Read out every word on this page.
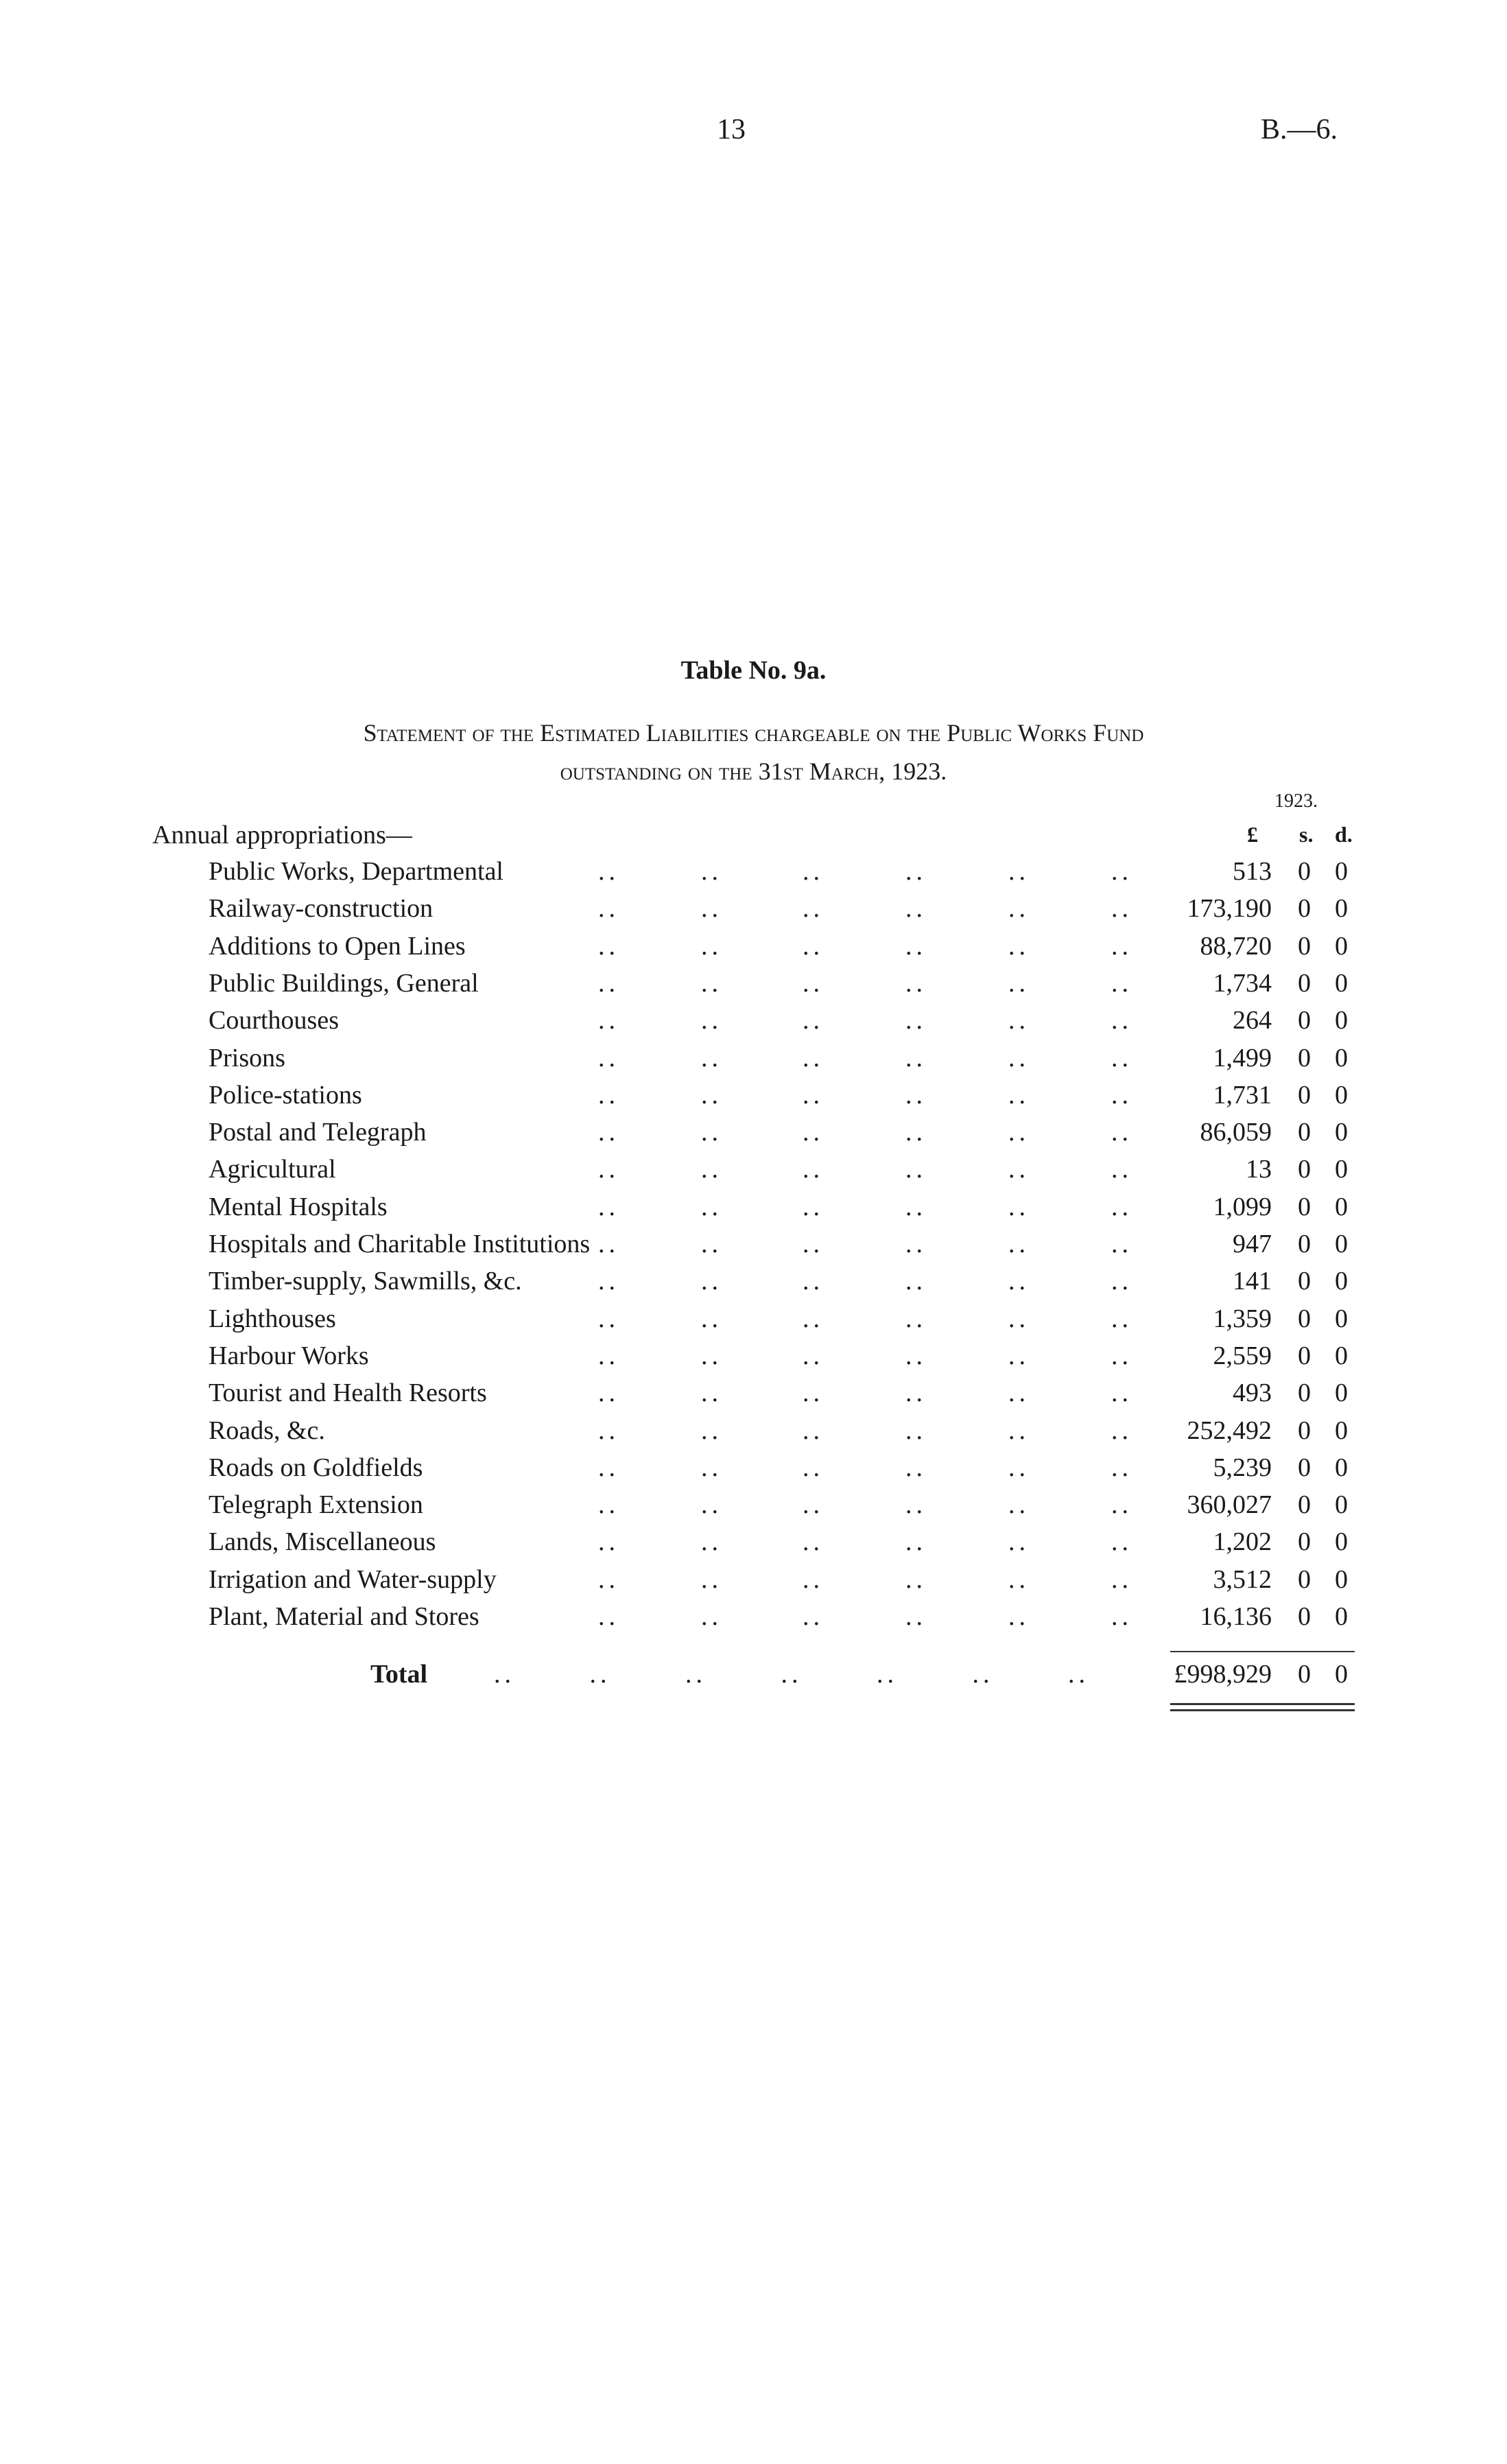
13	B.—6.
Table No. 9a.
Statement of the Estimated Liabilities chargeable on the Public Works Fund
outstanding on the 31st March, 1923.
1923.
Annual appropriations—	£ s. d.
Public Works, Departmental	..	..	..	..	..	..	513 0 0
Railway-construction	..	..	..	..	..	.. 173,190 0 0
Additions to Open Lines	..	..	..	..	..	..	88,720 0 0
Public Buildings, General	..	..	..	..	..	..	1,734 0 0
Courthouses	..	..	..	..	..	..	264 0 0
Prisons	..	..	..	..	..	..	1,499 0 0
Police-stations	..	..	..	..	..	..	1,731 0 0
Postal and Telegraph	..	..	..	..	..	..	86,059 0 0
Agricultural	..	..	..	..	..	..	13 0 0
Mental Hospitals	..	..	..	..	..	..	1,099 0 0
Hospitals and Charitable Institutions ..	..	..	..	..	..	947 0 0
Timber-supply, Sawmills, &c.	..	..	..	..	..	..	141 0 0
Lighthouses	..	..	..	..	..	..	1,359 0 0
Harbour Works	..	..	..	..	..	..	2,559 0 0
Tourist and Health Resorts	..	..	..	..	..	..	493 0 0
Roads, &c.	..	..	..	..	..	.. 252,492 0 0
Roads on Goldfields	..	..	..	..	..	..	5,239 0 0
Telegraph Extension	..	..	..	..	..	.. 360,027 0 0
Lands, Miscellaneous	..	..	..	..	..	..	1,202 0 0
Irrigation and Water-supply	..	..	..	..	..	..	3,512 0 0
Plant, Material and Stores	..	..	..	..	..	..	16,136 0 0
Total	..       ..       ..       ..       ..       ..       ..	£998,929 0 0
